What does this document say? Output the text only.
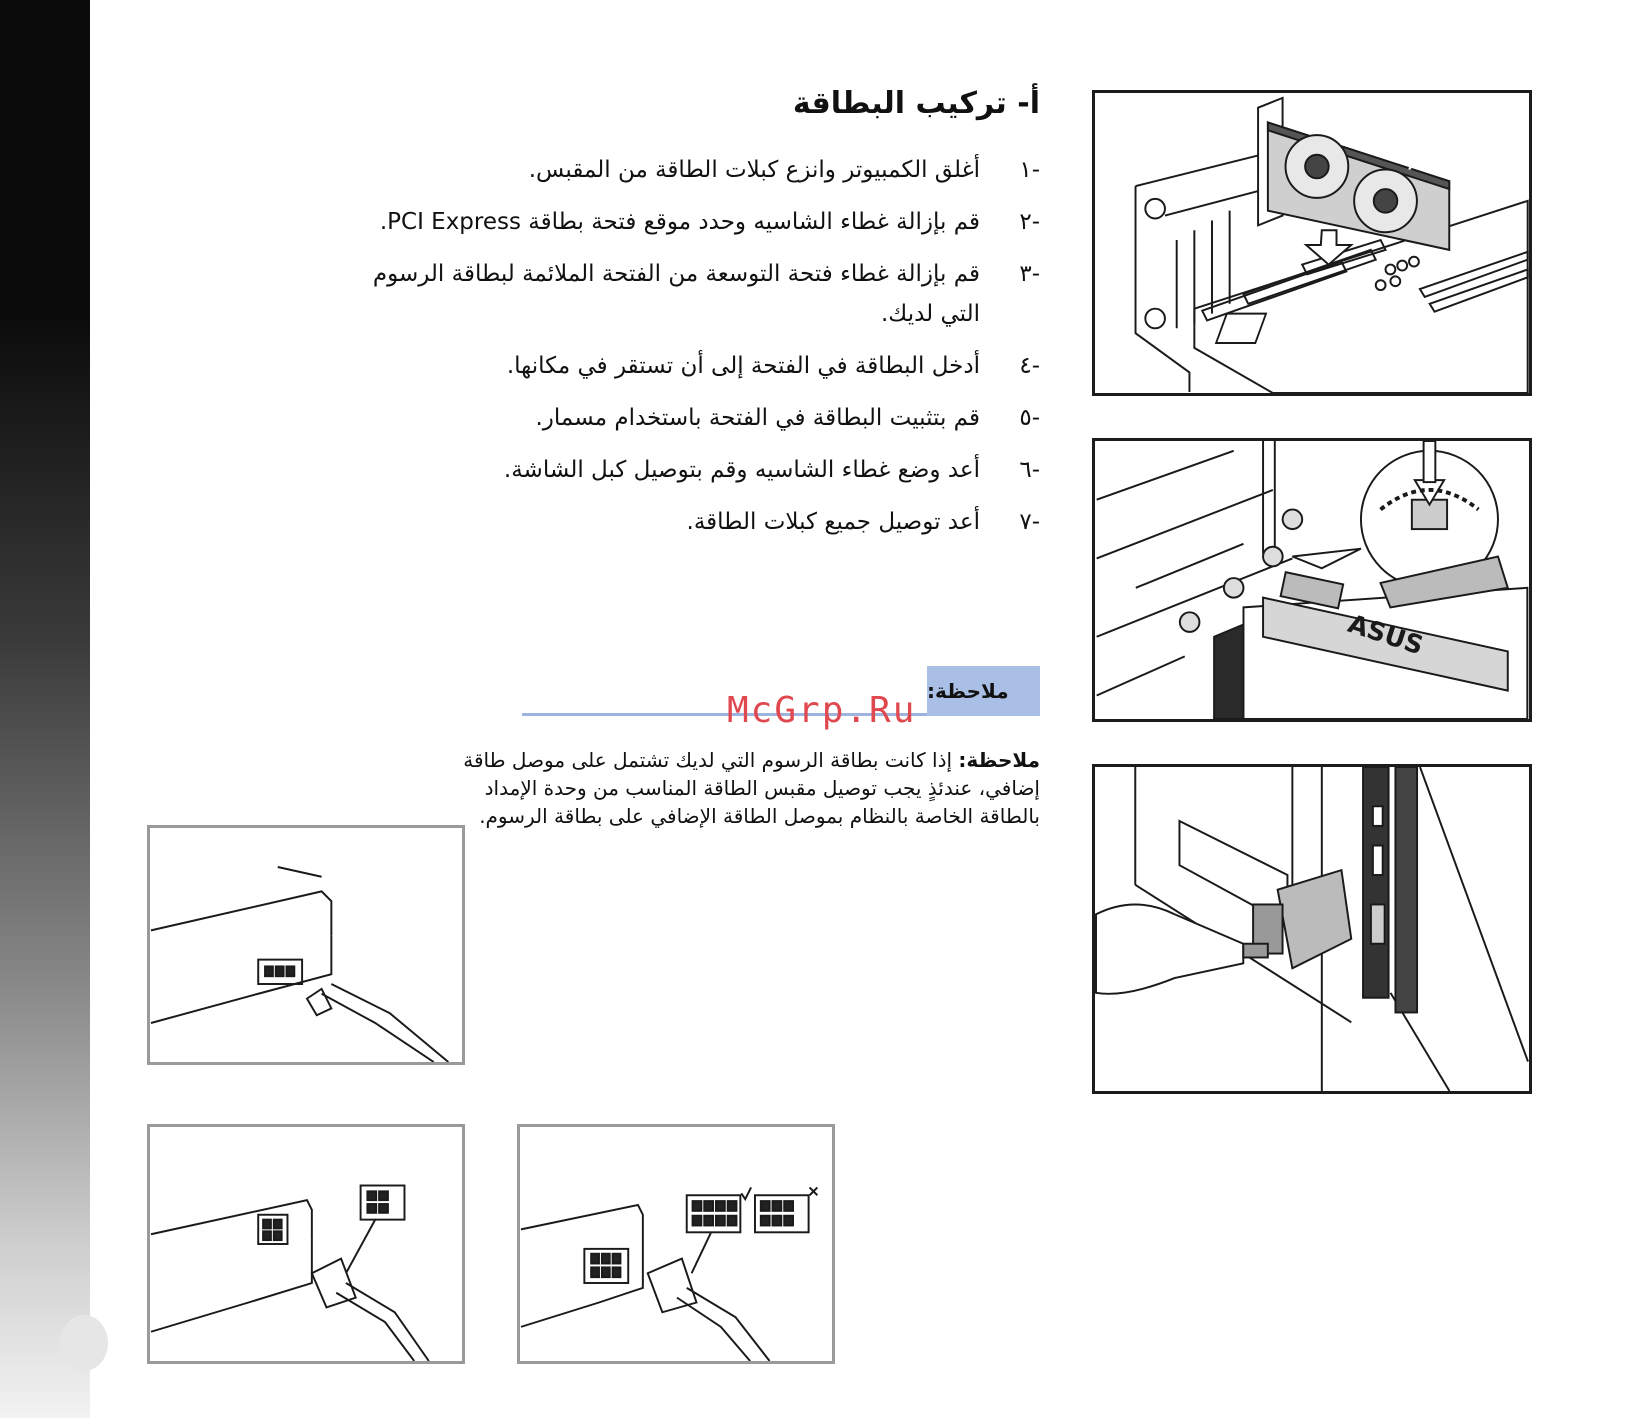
أ- تركيب البطاقة
-١
أغلق الكمبيوتر وانزع كبلات الطاقة من المقبس.
-٢
قم بإزالة غطاء الشاسيه وحدد موقع فتحة بطاقة PCI Express.
-٣
قم بإزالة غطاء فتحة التوسعة من الفتحة الملائمة لبطاقة الرسوم التي لديك.
-٤
أدخل البطاقة في الفتحة إلى أن تستقر في مكانها.
-٥
قم بتثبيت البطاقة في الفتحة باستخدام مسمار.
-٦
أعد وضع غطاء الشاسيه وقم بتوصيل كبل الشاشة.
-٧
أعد توصيل جميع كبلات الطاقة.
ملاحظة:
McGrp.Ru

ملاحظة: إذا كانت بطاقة الرسوم التي لديك تشتمل على موصل طاقة إضافي، عندئذٍ يجب توصيل مقبس الطاقة المناسب من وحدة الإمداد بالطاقة الخاصة بالنظام بموصل الطاقة الإضافي على بطاقة الرسوم.

ASUS
ASUS
